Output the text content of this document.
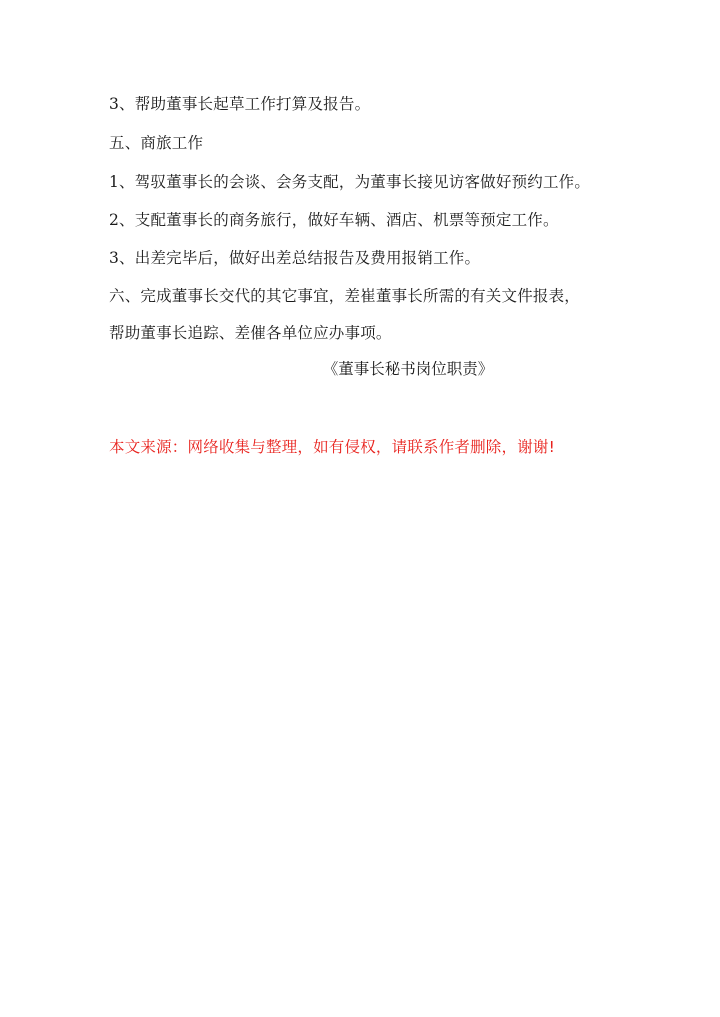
3、帮助董事长起草工作打算及报告。
五、商旅工作
1、驾驭董事长的会谈、会务支配，为董事长接见访客做好预约工作。
2、支配董事长的商务旅行，做好车辆、酒店、机票等预定工作。
3、出差完毕后，做好出差总结报告及费用报销工作。
六、完成董事长交代的其它事宜，差崔董事长所需的有关文件报表，
帮助董事长追踪、差催各单位应办事项。
《董事长秘书岗位职责》
本文来源：网络收集与整理，如有侵权，请联系作者删除，谢谢!
